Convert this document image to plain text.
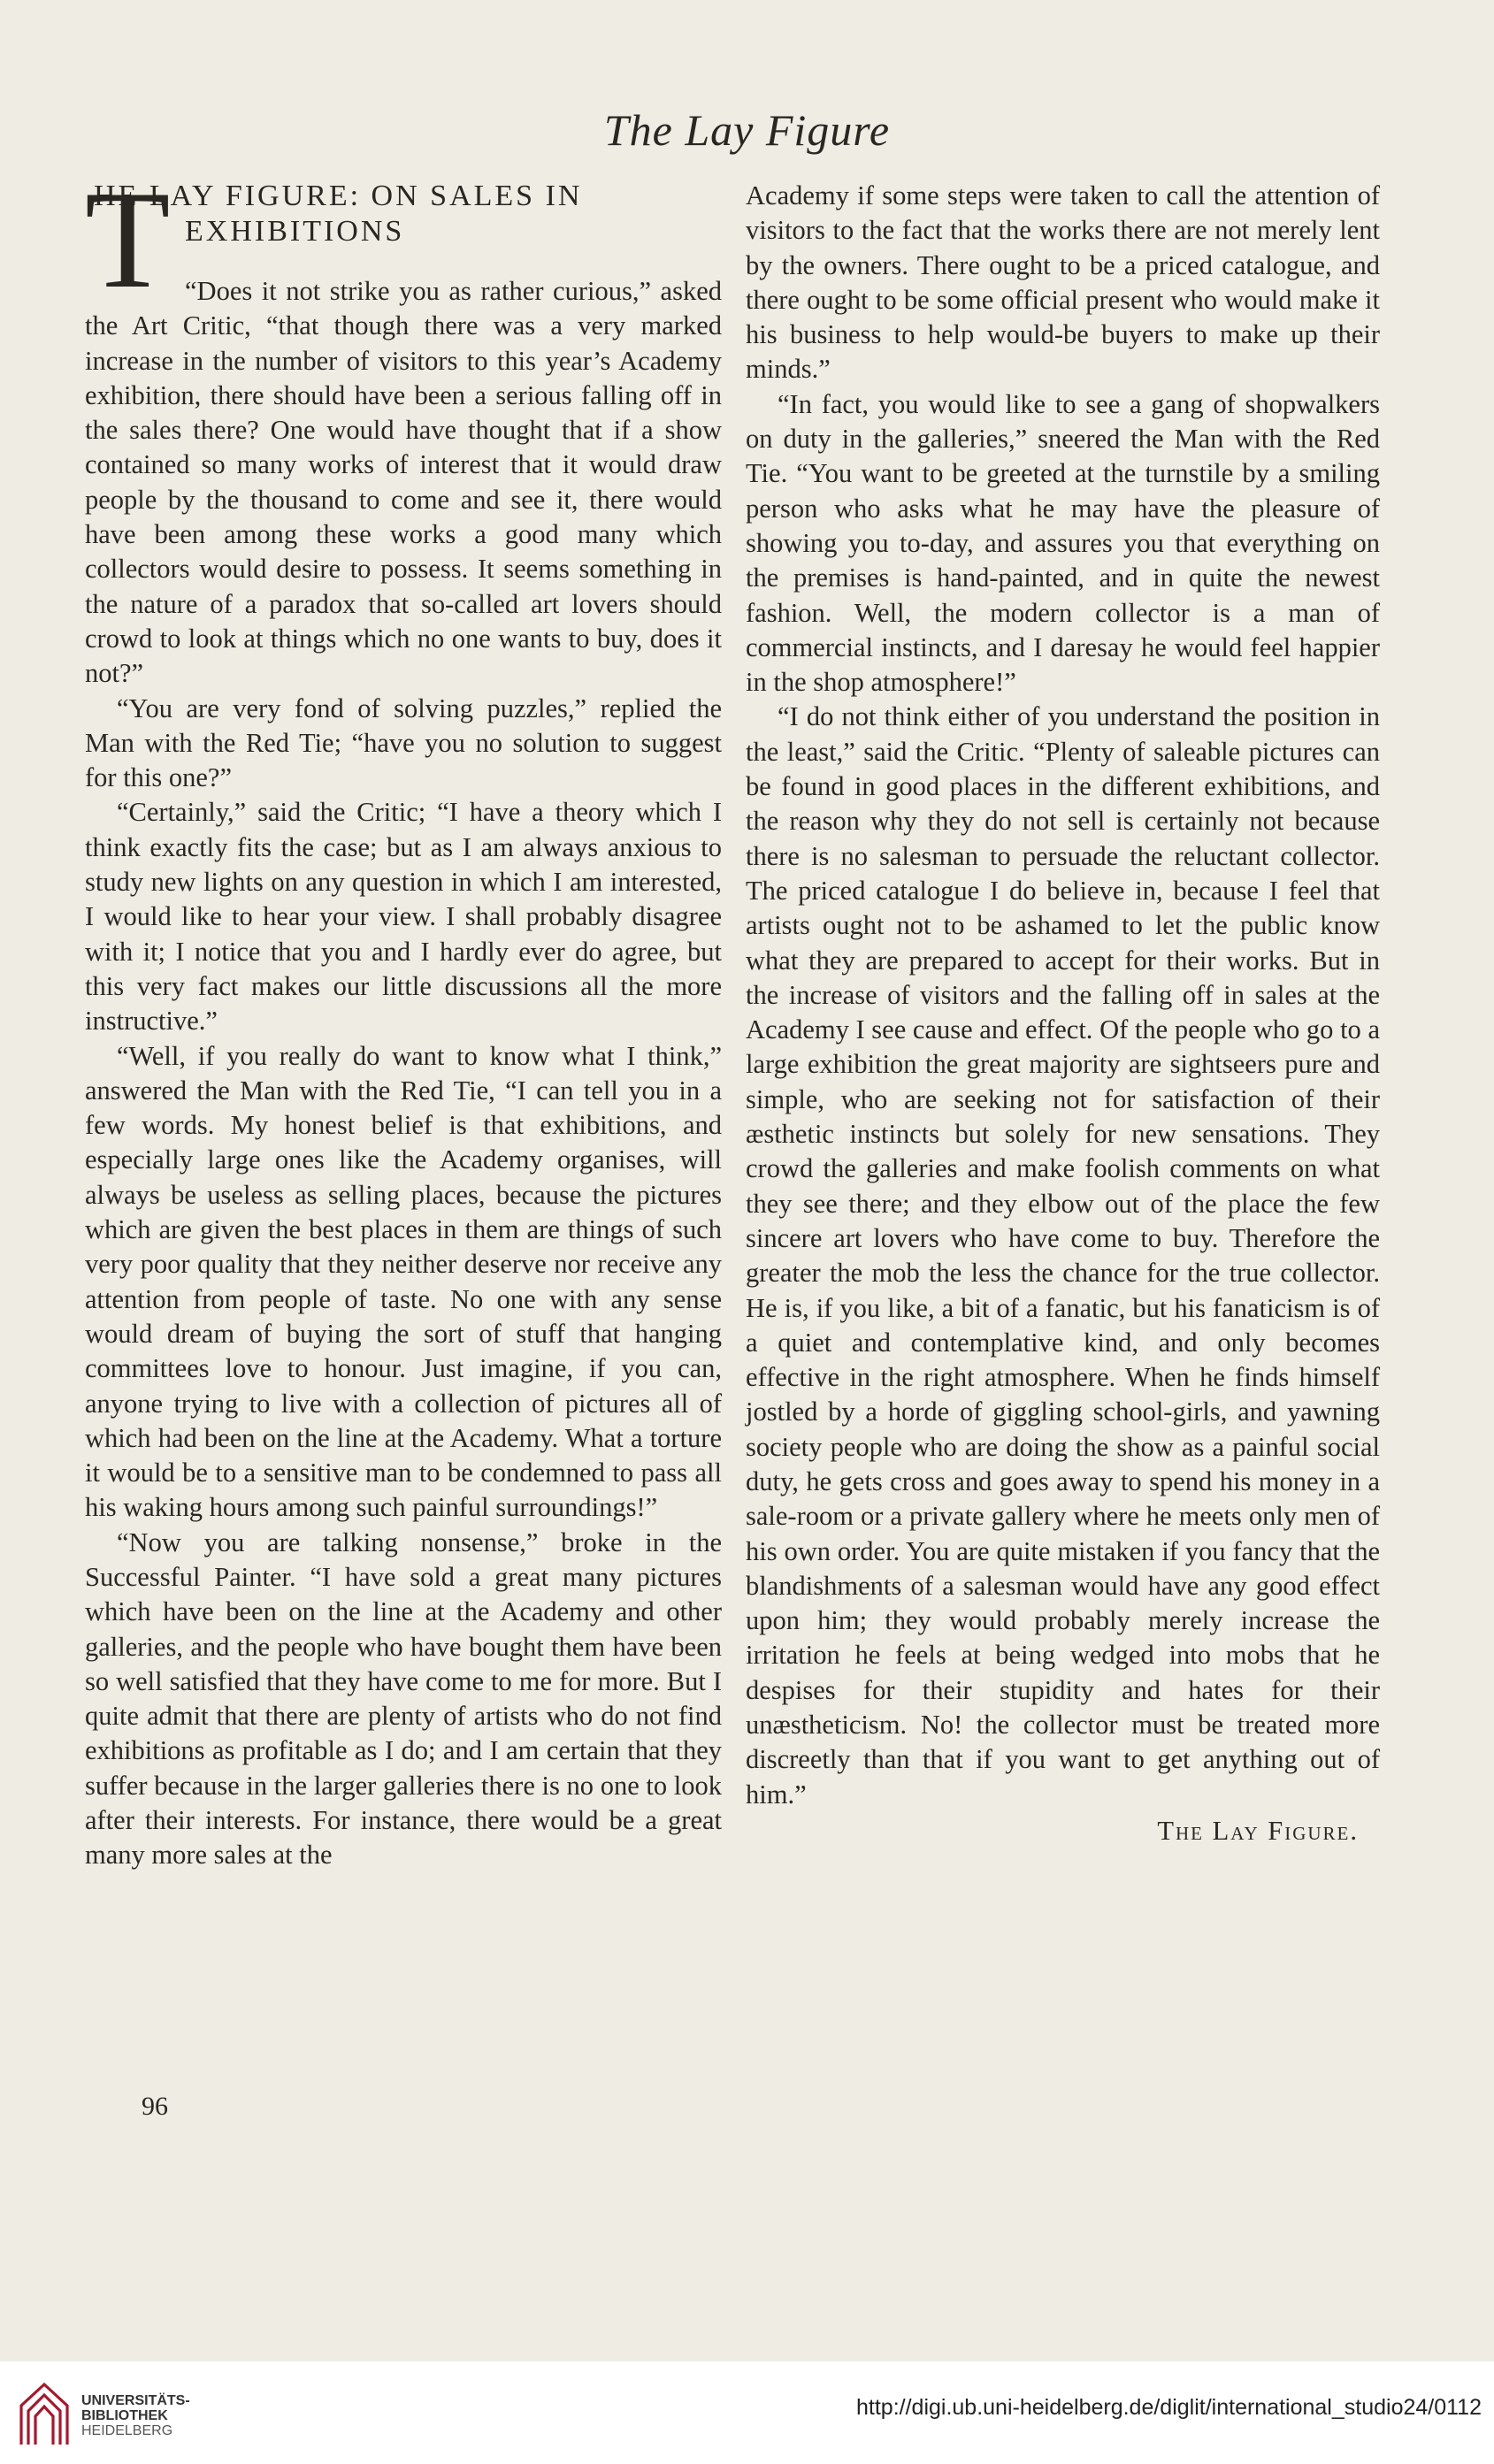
The Lay Figure
T
HE LAY FIGURE: ON SALES IN EXHIBITIONS

“Does it not strike you as rather curious,” asked the Art Critic, “that though there was a very marked increase in the number of visitors to this year’s Academy exhibition, there should have been a serious falling off in the sales there? One would have thought that if a show contained so many works of interest that it would draw people by the thousand to come and see it, there would have been among these works a good many which collectors would desire to possess. It seems something in the nature of a paradox that so-called art lovers should crowd to look at things which no one wants to buy, does it not?”

“You are very fond of solving puzzles,” replied the Man with the Red Tie; “have you no solution to suggest for this one?”

“Certainly,” said the Critic; “I have a theory which I think exactly fits the case; but as I am always anxious to study new lights on any question in which I am interested, I would like to hear your view. I shall probably disagree with it; I notice that you and I hardly ever do agree, but this very fact makes our little discussions all the more instructive.”

“Well, if you really do want to know what I think,” answered the Man with the Red Tie, “I can tell you in a few words. My honest belief is that exhibitions, and especially large ones like the Academy organises, will always be useless as selling places, because the pictures which are given the best places in them are things of such very poor quality that they neither deserve nor receive any attention from people of taste. No one with any sense would dream of buying the sort of stuff that hanging committees love to honour. Just imagine, if you can, anyone trying to live with a collection of pictures all of which had been on the line at the Academy. What a torture it would be to a sensitive man to be condemned to pass all his waking hours among such painful surroundings!”

“Now you are talking nonsense,” broke in the Successful Painter. “I have sold a great many pictures which have been on the line at the Academy and other galleries, and the people who have bought them have been so well satisfied that they have come to me for more. But I quite admit that there are plenty of artists who do not find exhibitions as profitable as I do; and I am certain that they suffer because in the larger galleries there is no one to look after their interests. For instance, there would be a great many more sales at the

Academy if some steps were taken to call the attention of visitors to the fact that the works there are not merely lent by the owners. There ought to be a priced catalogue, and there ought to be some official present who would make it his business to help would-be buyers to make up their minds.”

“In fact, you would like to see a gang of shopwalkers on duty in the galleries,” sneered the Man with the Red Tie. “You want to be greeted at the turnstile by a smiling person who asks what he may have the pleasure of showing you to-day, and assures you that everything on the premises is hand-painted, and in quite the newest fashion. Well, the modern collector is a man of commercial instincts, and I daresay he would feel happier in the shop atmosphere!”

“I do not think either of you understand the position in the least,” said the Critic. “Plenty of saleable pictures can be found in good places in the different exhibitions, and the reason why they do not sell is certainly not because there is no salesman to persuade the reluctant collector. The priced catalogue I do believe in, because I feel that artists ought not to be ashamed to let the public know what they are prepared to accept for their works. But in the increase of visitors and the falling off in sales at the Academy I see cause and effect. Of the people who go to a large exhibition the great majority are sightseers pure and simple, who are seeking not for satisfaction of their æsthetic instincts but solely for new sensations. They crowd the galleries and make foolish comments on what they see there; and they elbow out of the place the few sincere art lovers who have come to buy. Therefore the greater the mob the less the chance for the true collector. He is, if you like, a bit of a fanatic, but his fanaticism is of a quiet and contemplative kind, and only becomes effective in the right atmosphere. When he finds himself jostled by a horde of giggling school-girls, and yawning society people who are doing the show as a painful social duty, he gets cross and goes away to spend his money in a sale-room or a private gallery where he meets only men of his own order. You are quite mistaken if you fancy that the blandishments of a salesman would have any good effect upon him; they would probably merely increase the irritation he feels at being wedged into mobs that he despises for their stupidity and hates for their unæstheticism. No! the collector must be treated more discreetly than that if you want to get anything out of him.”

The Lay Figure.
96
UNIVERSITÄTS-
BIBLIOTHEK
HEIDELBERG
http://digi.ub.uni-heidelberg.de/diglit/international_studio24/0112
